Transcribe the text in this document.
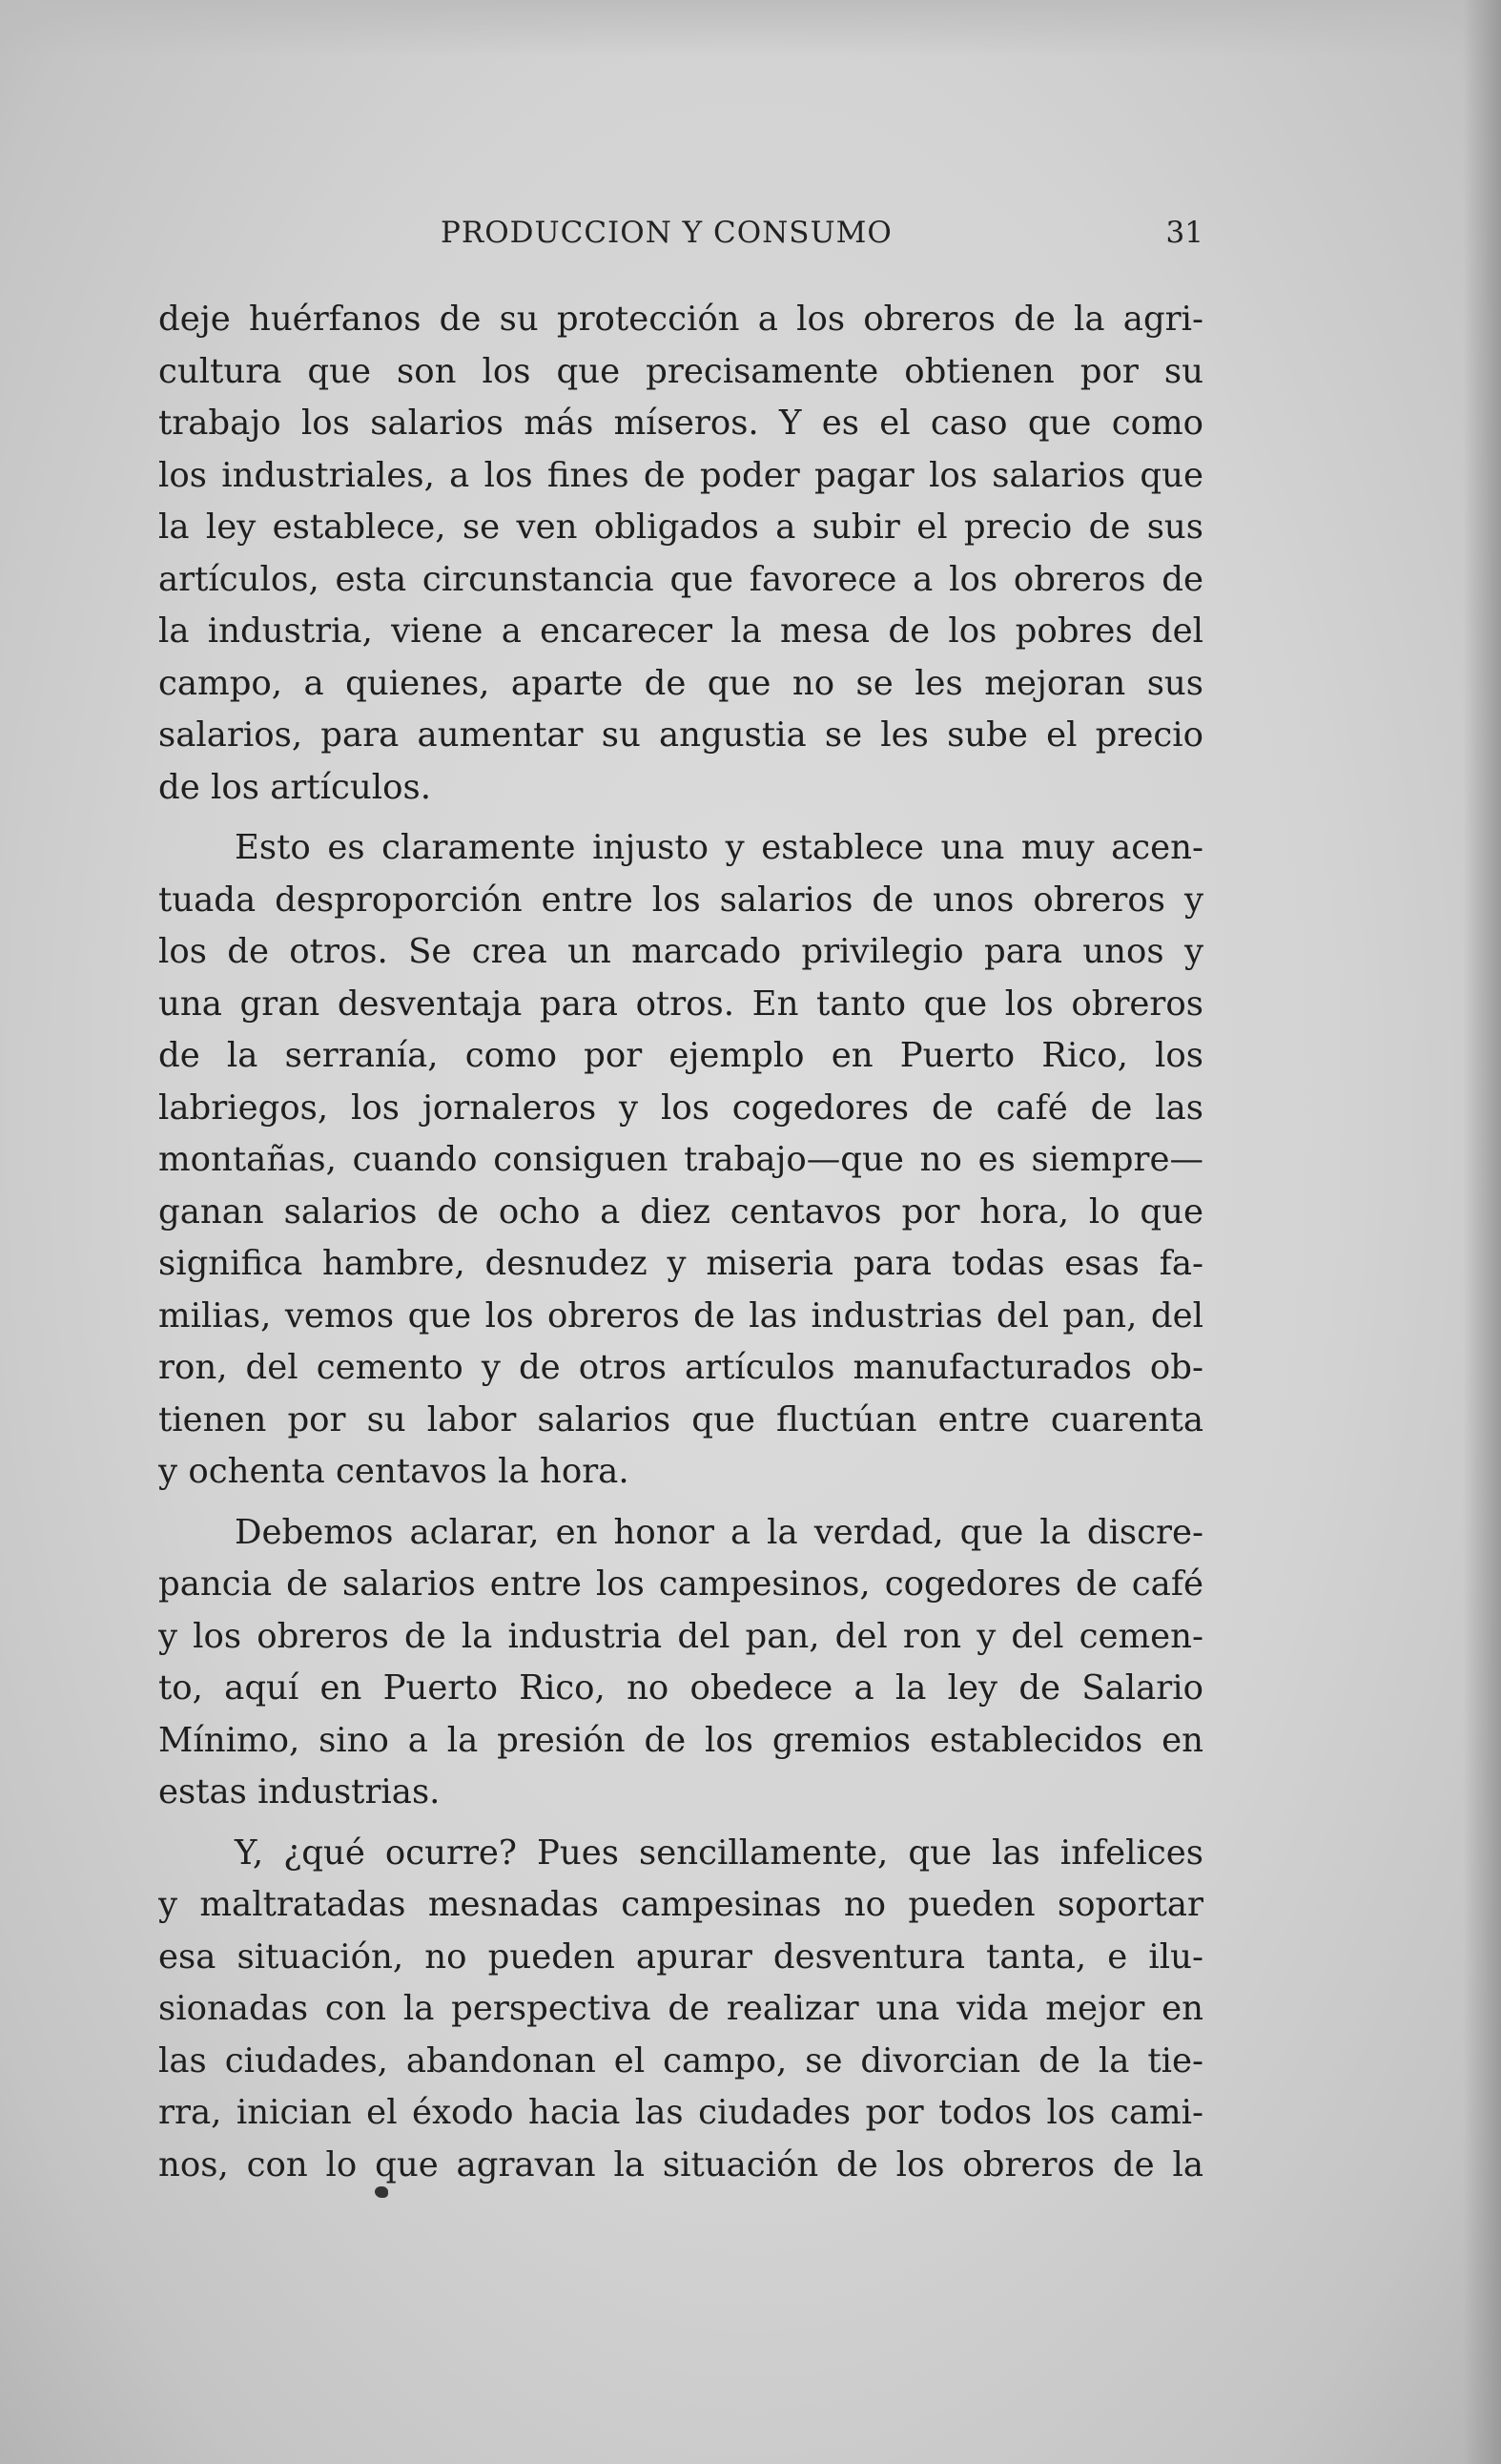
PRODUCCION Y CONSUMO	31
deje huérfanos de su protección a los obreros de la agri-
cultura que son los que precisamente obtienen por su
trabajo los salarios más míseros. Y es el caso que como
los industriales, a los fines de poder pagar los salarios que
la ley establece, se ven obligados a subir el precio de sus
artículos, esta circunstancia que favorece a los obreros de
la industria, viene a encarecer la mesa de los pobres del
campo, a quienes, aparte de que no se les mejoran sus
salarios, para aumentar su angustia se les sube el precio
de los artículos.
Esto es claramente injusto y establece una muy acen-
tuada desproporción entre los salarios de unos obreros y
los de otros. Se crea un marcado privilegio para unos y
una gran desventaja para otros. En tanto que los obreros
de la serranía, como por ejemplo en Puerto Rico, los
labriegos, los jornaleros y los cogedores de café de las
montañas, cuando consiguen trabajo—que no es siempre—
ganan salarios de ocho a diez centavos por hora, lo que
significa hambre, desnudez y miseria para todas esas fa-
milias, vemos que los obreros de las industrias del pan, del
ron, del cemento y de otros artículos manufacturados ob-
tienen por su labor salarios que fluctúan entre cuarenta
y ochenta centavos la hora.
Debemos aclarar, en honor a la verdad, que la discre-
pancia de salarios entre los campesinos, cogedores de café
y los obreros de la industria del pan, del ron y del cemen-
to, aquí en Puerto Rico, no obedece a la ley de Salario
Mínimo, sino a la presión de los gremios establecidos en
estas industrias.
Y, ¿qué ocurre? Pues sencillamente, que las infelices
y maltratadas mesnadas campesinas no pueden soportar
esa situación, no pueden apurar desventura tanta, e ilu-
sionadas con la perspectiva de realizar una vida mejor en
las ciudades, abandonan el campo, se divorcian de la tie-
rra, inician el éxodo hacia las ciudades por todos los cami-
nos, con lo que agravan la situación de los obreros de la
